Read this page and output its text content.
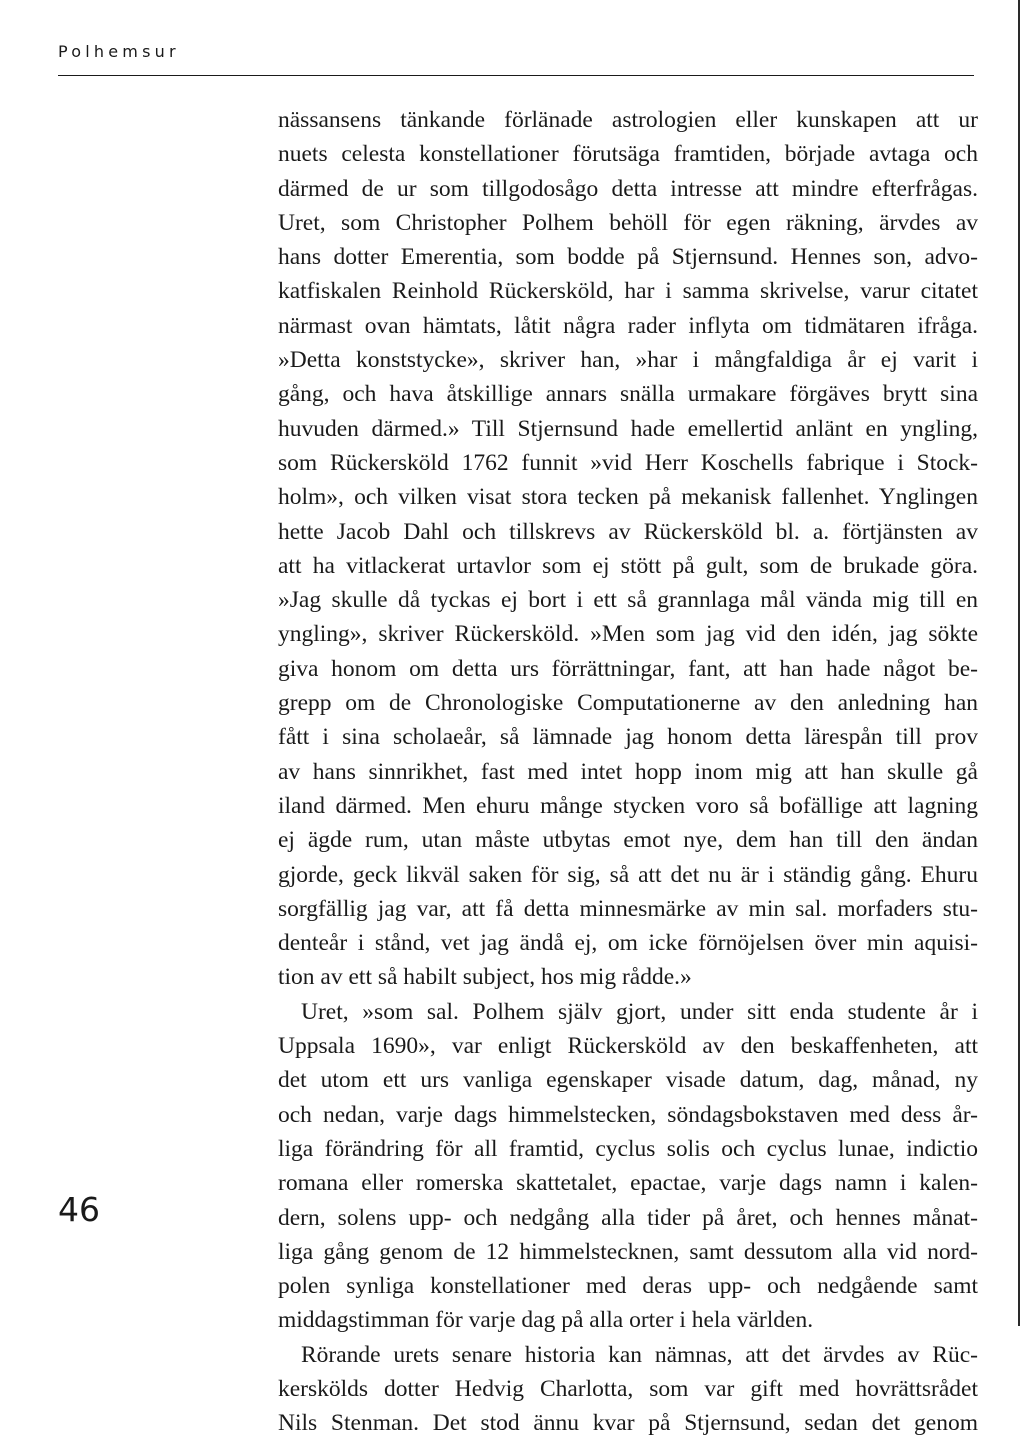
Polhemsur
nässansens tänkande förlänade astrologien eller kunskapen att ur
nuets celesta konstellationer förutsäga framtiden, började avtaga och
därmed de ur som tillgodosågo detta intresse att mindre efterfrågas.
Uret, som Christopher Polhem behöll för egen räkning, ärvdes av
hans dotter Emerentia, som bodde på Stjernsund. Hennes son, advo-
katfiskalen Reinhold Rückersköld, har i samma skrivelse, varur citatet
närmast ovan hämtats, låtit några rader inflyta om tidmätaren ifråga.
»Detta konststycke», skriver han, »har i mångfaldiga år ej varit i
gång, och hava åtskillige annars snälla urmakare förgäves brytt sina
huvuden därmed.» Till Stjernsund hade emellertid anlänt en yngling,
som Rückersköld 1762 funnit »vid Herr Koschells fabrique i Stock-
holm», och vilken visat stora tecken på mekanisk fallenhet. Ynglingen
hette Jacob Dahl och tillskrevs av Rückersköld bl. a. förtjänsten av
att ha vitlackerat urtavlor som ej stött på gult, som de brukade göra.
»Jag skulle då tyckas ej bort i ett så grannlaga mål vända mig till en
yngling», skriver Rückersköld. »Men som jag vid den idén, jag sökte
giva honom om detta urs förrättningar, fant, att han hade något be-
grepp om de Chronologiske Computationerne av den anledning han
fått i sina scholaeår, så lämnade jag honom detta lärespån till prov
av hans sinnrikhet, fast med intet hopp inom mig att han skulle gå
iland därmed. Men ehuru månge stycken voro så bofällige att lagning
ej ägde rum, utan måste utbytas emot nye, dem han till den ändan
gjorde, geck likväl saken för sig, så att det nu är i ständig gång. Ehuru
sorgfällig jag var, att få detta minnesmärke av min sal. morfaders stu-
denteår i stånd, vet jag ändå ej, om icke förnöjelsen över min aquisi-
tion av ett så habilt subject, hos mig rådde.»
Uret, »som sal. Polhem själv gjort, under sitt enda studente år i
Uppsala 1690», var enligt Rückersköld av den beskaffenheten, att
det utom ett urs vanliga egenskaper visade datum, dag, månad, ny
och nedan, varje dags himmelstecken, söndagsbokstaven med dess år-
liga förändring för all framtid, cyclus solis och cyclus lunae, indictio
romana eller romerska skattetalet, epactae, varje dags namn i kalen-
dern, solens upp- och nedgång alla tider på året, och hennes månat-
liga gång genom de 12 himmelstecknen, samt dessutom alla vid nord-
polen synliga konstellationer med deras upp- och nedgående samt
middagstimman för varje dag på alla orter i hela världen.
Rörande urets senare historia kan nämnas, att det ärvdes av Rüc-
kerskölds dotter Hedvig Charlotta, som var gift med hovrättsrådet
Nils Stenman. Det stod ännu kvar på Stjernsund, sedan det genom
46
